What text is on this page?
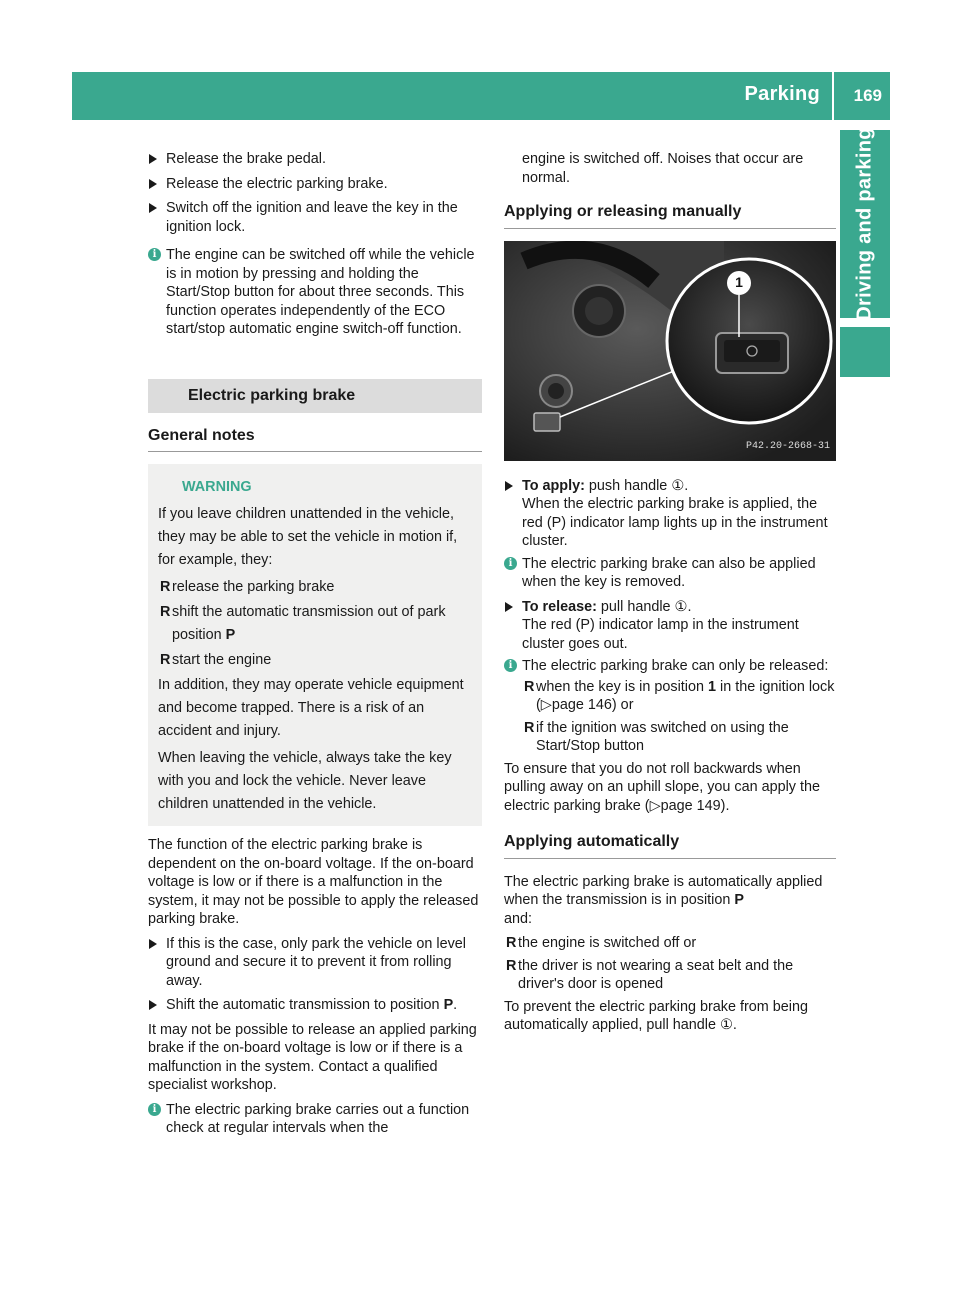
Parking 169
Driving and parking
Release the brake pedal.
Release the electric parking brake.
Switch off the ignition and leave the key in the ignition lock.
i The engine can be switched off while the vehicle is in motion by pressing and holding the Start/Stop button for about three seconds. This function operates independently of the ECO start/stop automatic engine switch-off function.
Electric parking brake
General notes
WARNING

If you leave children unattended in the vehicle, they may be able to set the vehicle in motion if, for example, they:

R release the parking brake
R shift the automatic transmission out of park position P
R start the engine

In addition, they may operate vehicle equipment and become trapped. There is a risk of an accident and injury.

When leaving the vehicle, always take the key with you and lock the vehicle. Never leave children unattended in the vehicle.

The function of the electric parking brake is dependent on the on-board voltage. If the on-board voltage is low or if there is a malfunction in the system, it may not be possible to apply the released parking brake.

If this is the case, only park the vehicle on level ground and secure it to prevent it from rolling away.
Shift the automatic transmission to position P.

It may not be possible to release an applied parking brake if the on-board voltage is low or if there is a malfunction in the system. Contact a qualified specialist workshop.

i The electric parking brake carries out a function check at regular intervals when the

engine is switched off. Noises that occur are normal.

Applying or releasing manually
1
P42.20-2668-31
To apply: push handle ①.
When the electric parking brake is applied, the red (P) indicator lamp lights up in the instrument cluster.
i The electric parking brake can also be applied when the key is removed.
To release: pull handle ①.
The red (P) indicator lamp in the instrument cluster goes out.
i The electric parking brake can only be released:
R when the key is in position 1 in the ignition lock (▷page 146) or
R if the ignition was switched on using the Start/Stop button

To ensure that you do not roll backwards when pulling away on an uphill slope, you can apply the electric parking brake (▷page 149).

Applying automatically

The electric parking brake is automatically applied when the transmission is in position P
and:

R the engine is switched off or
R the driver is not wearing a seat belt and the driver's door is opened

To prevent the electric parking brake from being automatically applied, pull handle ①.
